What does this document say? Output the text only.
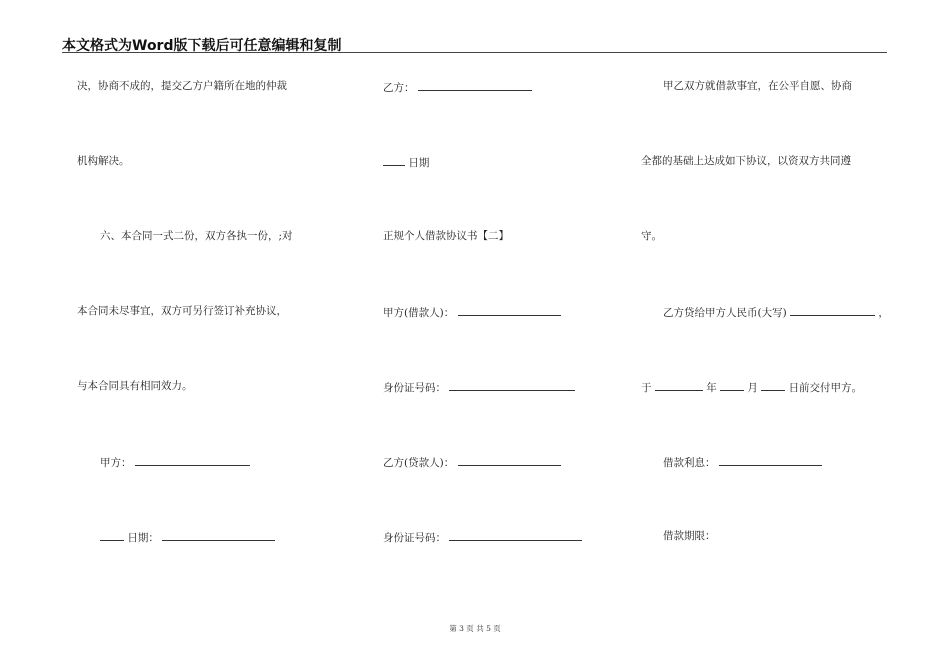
本文格式为Word版下载后可任意编辑和复制
决，协商不成的，提交乙方户籍所在地的仲裁
机构解决。
六、本合同一式二份，双方各执一份，;对
本合同未尽事宜，双方可另行签订补充协议，
与本合同具有相同效力。
甲方：
日期：
乙方：
日期
正规个人借款协议书【二】
甲方(借款人)：
身份证号码：
乙方(贷款人)：
身份证号码：
甲乙双方就借款事宜，在公平自愿、协商
全都的基础上达成如下协议，以资双方共同遵
守。
乙方贷给甲方人民币(大写)	，
于	年	月	日前交付甲方。
借款利息：
借款期限：
第 3 页 共 5 页
